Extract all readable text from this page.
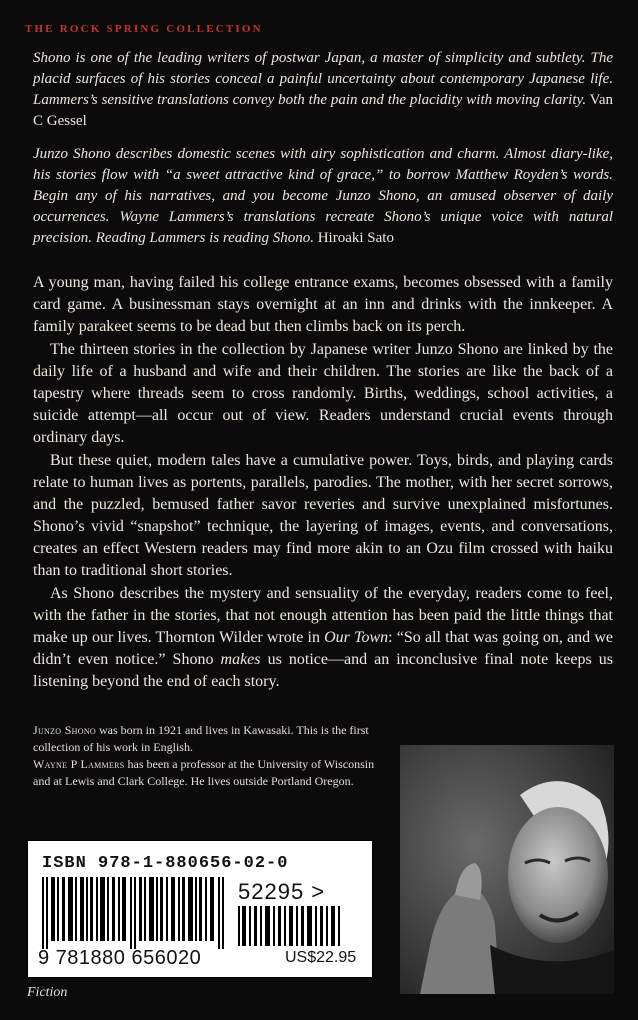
THE ROCK SPRING COLLECTION

Shono is one of the leading writers of postwar Japan, a master of simplicity and subtlety. The placid surfaces of his stories conceal a painful uncertainty about contemporary Japanese life. Lammers’s sensitive translations convey both the pain and the placidity with moving clarity. Van C Gessel

Junzo Shono describes domestic scenes with airy sophistication and charm. Almost diary-like, his stories flow with “a sweet attractive kind of grace,” to borrow Matthew Royden’s words. Begin any of his narratives, and you become Junzo Shono, an amused observer of daily occurrences. Wayne Lammers’s translations recreate Shono’s unique voice with natural precision. Reading Lammers is reading Shono. Hiroaki Sato

A young man, having failed his college entrance exams, becomes obsessed with a family card game. A businessman stays overnight at an inn and drinks with the innkeeper. A family parakeet seems to be dead but then climbs back on its perch.

The thirteen stories in the collection by Japanese writer Junzo Shono are linked by the daily life of a husband and wife and their children. The stories are like the back of a tapestry where threads seem to cross randomly. Births, weddings, school activities, a suicide attempt—all occur out of view. Readers understand crucial events through ordinary days.

But these quiet, modern tales have a cumulative power. Toys, birds, and playing cards relate to human lives as portents, parallels, parodies. The mother, with her secret sorrows, and the puzzled, bemused father savor reveries and survive unexplained misfortunes. Shono’s vivid “snapshot” technique, the layering of images, events, and conversations, creates an effect Western readers may find more akin to an Ozu film crossed with haiku than to traditional short stories.

As Shono describes the mystery and sensuality of the everyday, readers come to feel, with the father in the stories, that not enough attention has been paid the little things that make up our lives. Thornton Wilder wrote in Our Town: “So all that was going on, and we didn’t even notice.” Shono makes us notice—and an inconclusive final note keeps us listening beyond the end of each story.

Junzo Shono was born in 1921 and lives in Kawasaki. This is the first collection of his work in English.
Wayne P Lammers has been a professor at the University of Wisconsin and at Lewis and Clark College. He lives outside Portland Oregon.
ISBN 978-1-880656-02-0
52295 >
9 781880 656020	US$22.95
Fiction
